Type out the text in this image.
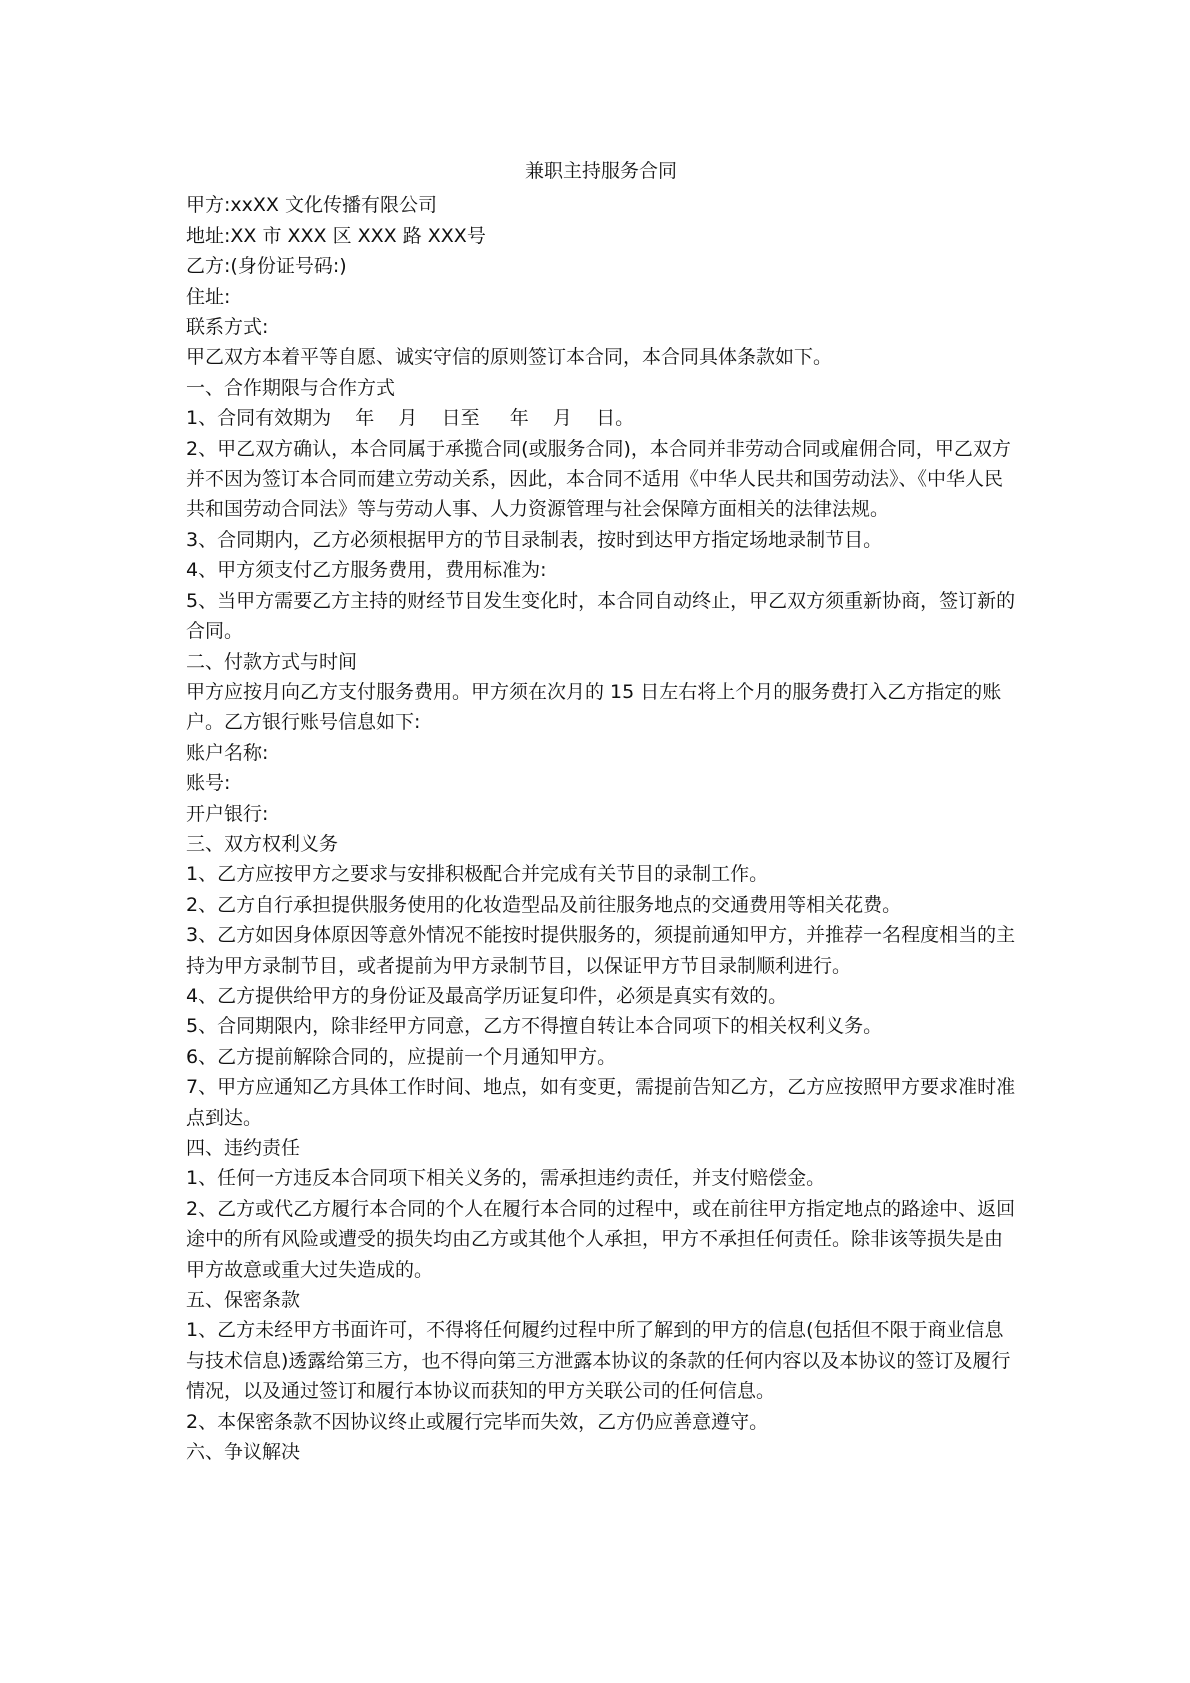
兼职主持服务合同
甲方:xxXX 文化传播有限公司
地址:XX 市 XXX 区 XXX 路 XXX号
乙方:(身份证号码:)
住址:
联系方式:
甲乙双方本着平等自愿、诚实守信的原则签订本合同，本合同具体条款如下。
一、合作期限与合作方式
1、合同有效期为    年    月    日至     年    月    日。
2、甲乙双方确认，本合同属于承揽合同(或服务合同)，本合同并非劳动合同或雇佣合同，甲乙双方并不因为签订本合同而建立劳动关系，因此，本合同不适用《中华人民共和国劳动法》、《中华人民共和国劳动合同法》等与劳动人事、人力资源管理与社会保障方面相关的法律法规。
3、合同期内，乙方必须根据甲方的节目录制表，按时到达甲方指定场地录制节目。
4、甲方须支付乙方服务费用，费用标准为:
5、当甲方需要乙方主持的财经节目发生变化时，本合同自动终止，甲乙双方须重新协商，签订新的合同。
二、付款方式与时间
甲方应按月向乙方支付服务费用。甲方须在次月的 15 日左右将上个月的服务费打入乙方指定的账户。乙方银行账号信息如下:
账户名称:
账号:
开户银行:
三、双方权利义务
1、乙方应按甲方之要求与安排积极配合并完成有关节目的录制工作。
2、乙方自行承担提供服务使用的化妆造型品及前往服务地点的交通费用等相关花费。
3、乙方如因身体原因等意外情况不能按时提供服务的，须提前通知甲方，并推荐一名程度相当的主持为甲方录制节目，或者提前为甲方录制节目，以保证甲方节目录制顺利进行。
4、乙方提供给甲方的身份证及最高学历证复印件，必须是真实有效的。
5、合同期限内，除非经甲方同意，乙方不得擅自转让本合同项下的相关权利义务。
6、乙方提前解除合同的，应提前一个月通知甲方。
7、甲方应通知乙方具体工作时间、地点，如有变更，需提前告知乙方，乙方应按照甲方要求准时准点到达。
四、违约责任
1、任何一方违反本合同项下相关义务的，需承担违约责任，并支付赔偿金。
2、乙方或代乙方履行本合同的个人在履行本合同的过程中，或在前往甲方指定地点的路途中、返回途中的所有风险或遭受的损失均由乙方或其他个人承担，甲方不承担任何责任。除非该等损失是由甲方故意或重大过失造成的。
五、保密条款
1、乙方未经甲方书面许可，不得将任何履约过程中所了解到的甲方的信息(包括但不限于商业信息与技术信息)透露给第三方，也不得向第三方泄露本协议的条款的任何内容以及本协议的签订及履行情况，以及通过签订和履行本协议而获知的甲方关联公司的任何信息。
2、本保密条款不因协议终止或履行完毕而失效，乙方仍应善意遵守。
六、争议解决
